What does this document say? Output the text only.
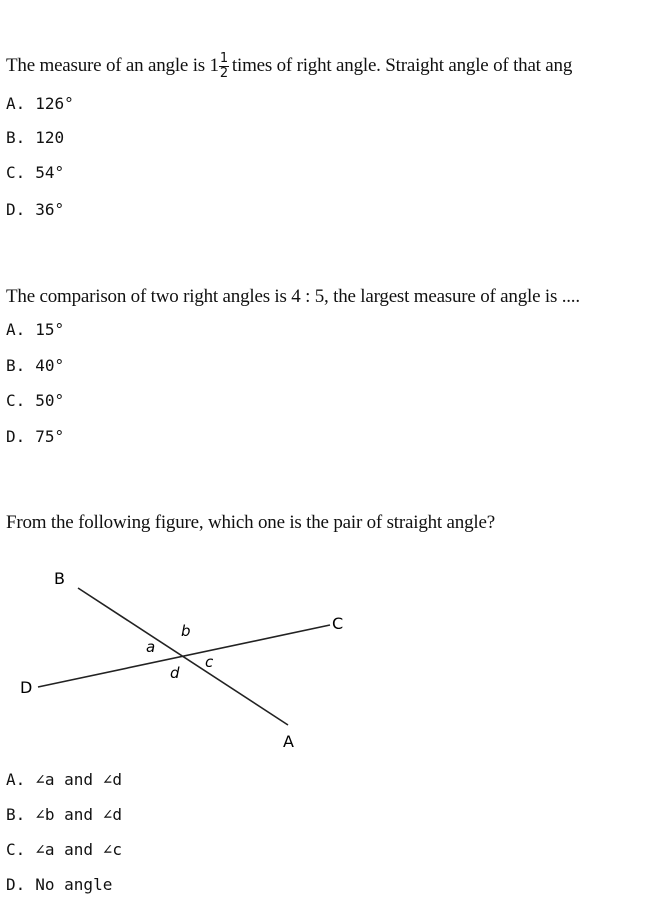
The measure of an angle is $1 \frac{1}{2}$ times of right angle. Straight angle of that ang
A. 126°
B. 120
C. 54°
D. 36°
The comparison of two right angles is 4 : 5, the largest measure of angle is ....
A. 15°
B. 40°
C. 50°
D. 75°
From the following figure, which one is the pair of straight angle?
B
C
D
A
a
b
c
d
A. ∠a and ∠d
B. ∠b and ∠d
C. ∠a and ∠c
D. No angle
